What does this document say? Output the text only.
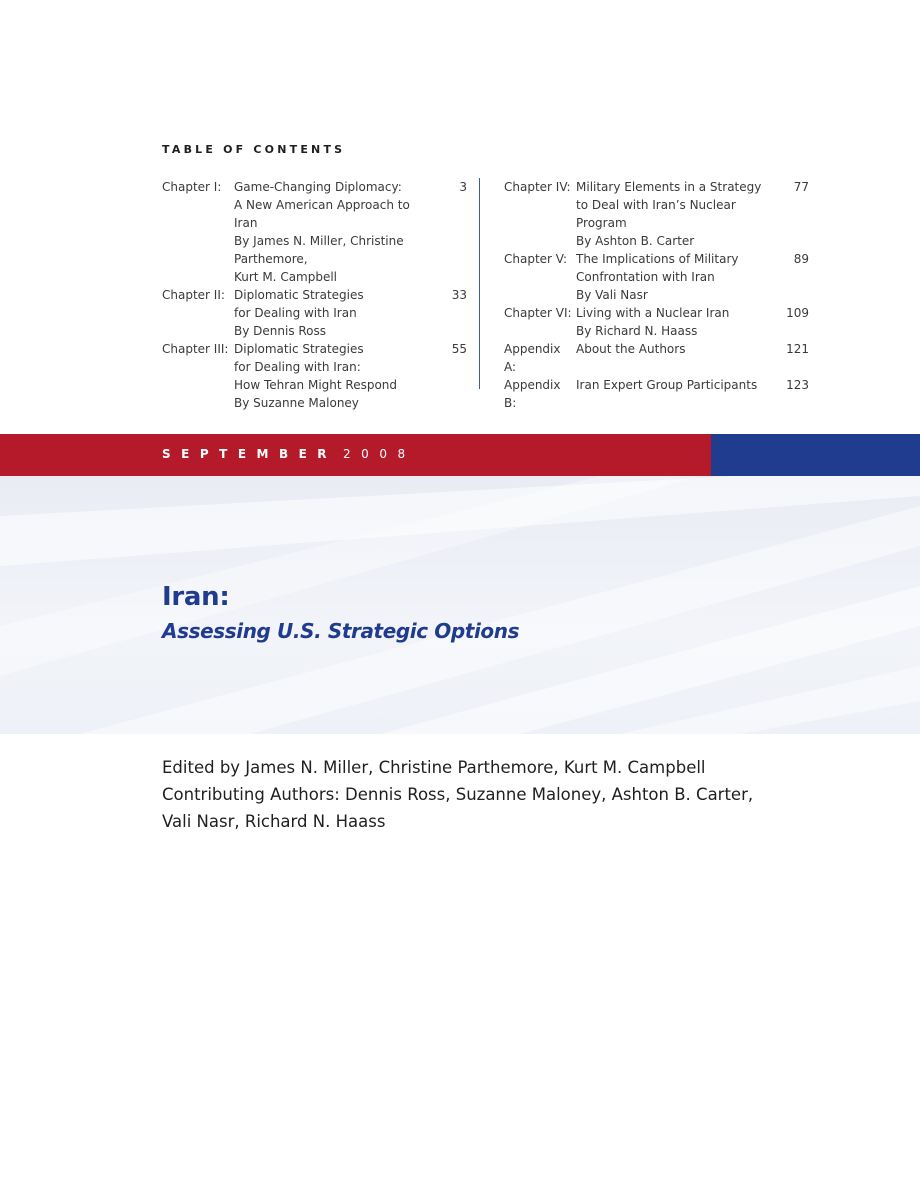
TABLE OF CONTENTS
Chapter I:	Game-Changing Diplomacy:
A New American Approach to Iran
By James N. Miller, Christine Parthemore,
Kurt M. Campbell
3
Chapter II: Diplomatic Strategies
for Dealing with Iran
By Dennis Ross
33
Chapter III: Diplomatic Strategies
for Dealing with Iran:
How Tehran Might Respond
By Suzanne Maloney
55
Chapter IV: Military Elements in a Strategy
to Deal with Iran’s Nuclear Program
By Ashton B. Carter
77
Chapter V: The Implications of Military
Confrontation with Iran
By Vali Nasr
89
Chapter VI: Living with a Nuclear Iran
By Richard N. Haass
109
Appendix A:
About the Authors	121
Appendix B:
Iran Expert Group Participants	123
SEPTEMBER 2008
Iran:
Assessing U.S. Strategic Options
Edited by James N. Miller, Christine Parthemore, Kurt M. Campbell
Contributing Authors: Dennis Ross, Suzanne Maloney, Ashton B. Carter,
Vali Nasr, Richard N. Haass
